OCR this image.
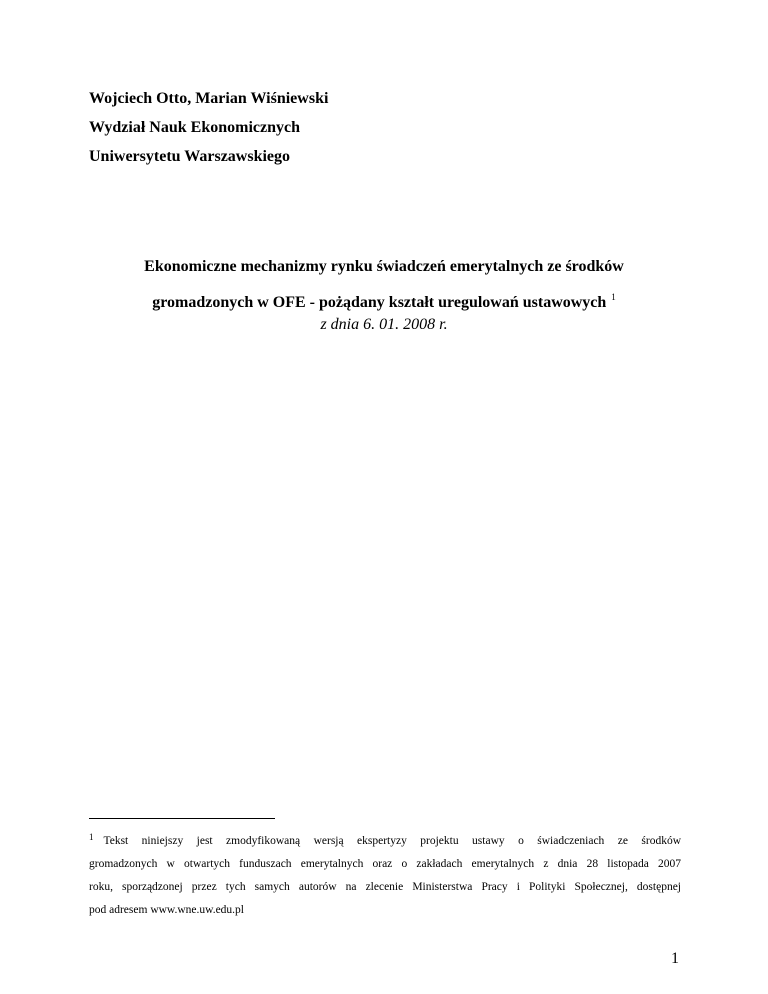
Wojciech Otto, Marian Wiśniewski
Wydział Nauk Ekonomicznych
Uniwersytetu Warszawskiego
Ekonomiczne mechanizmy rynku świadczeń emerytalnych ze środków
gromadzonych w OFE - pożądany kształt uregulowań ustawowych $^1$
z dnia 6. 01. 2008 r.
$^1$ Tekst niniejszy jest zmodyfikowaną wersją ekspertyzy projektu ustawy o świadczeniach ze środków
gromadzonych w otwartych funduszach emerytalnych oraz o zakładach emerytalnych z dnia 28 listopada 2007
roku, sporządzonej przez tych samych autorów na zlecenie Ministerstwa Pracy i Polityki Społecznej, dostępnej
pod adresem www.wne.uw.edu.pl
1
